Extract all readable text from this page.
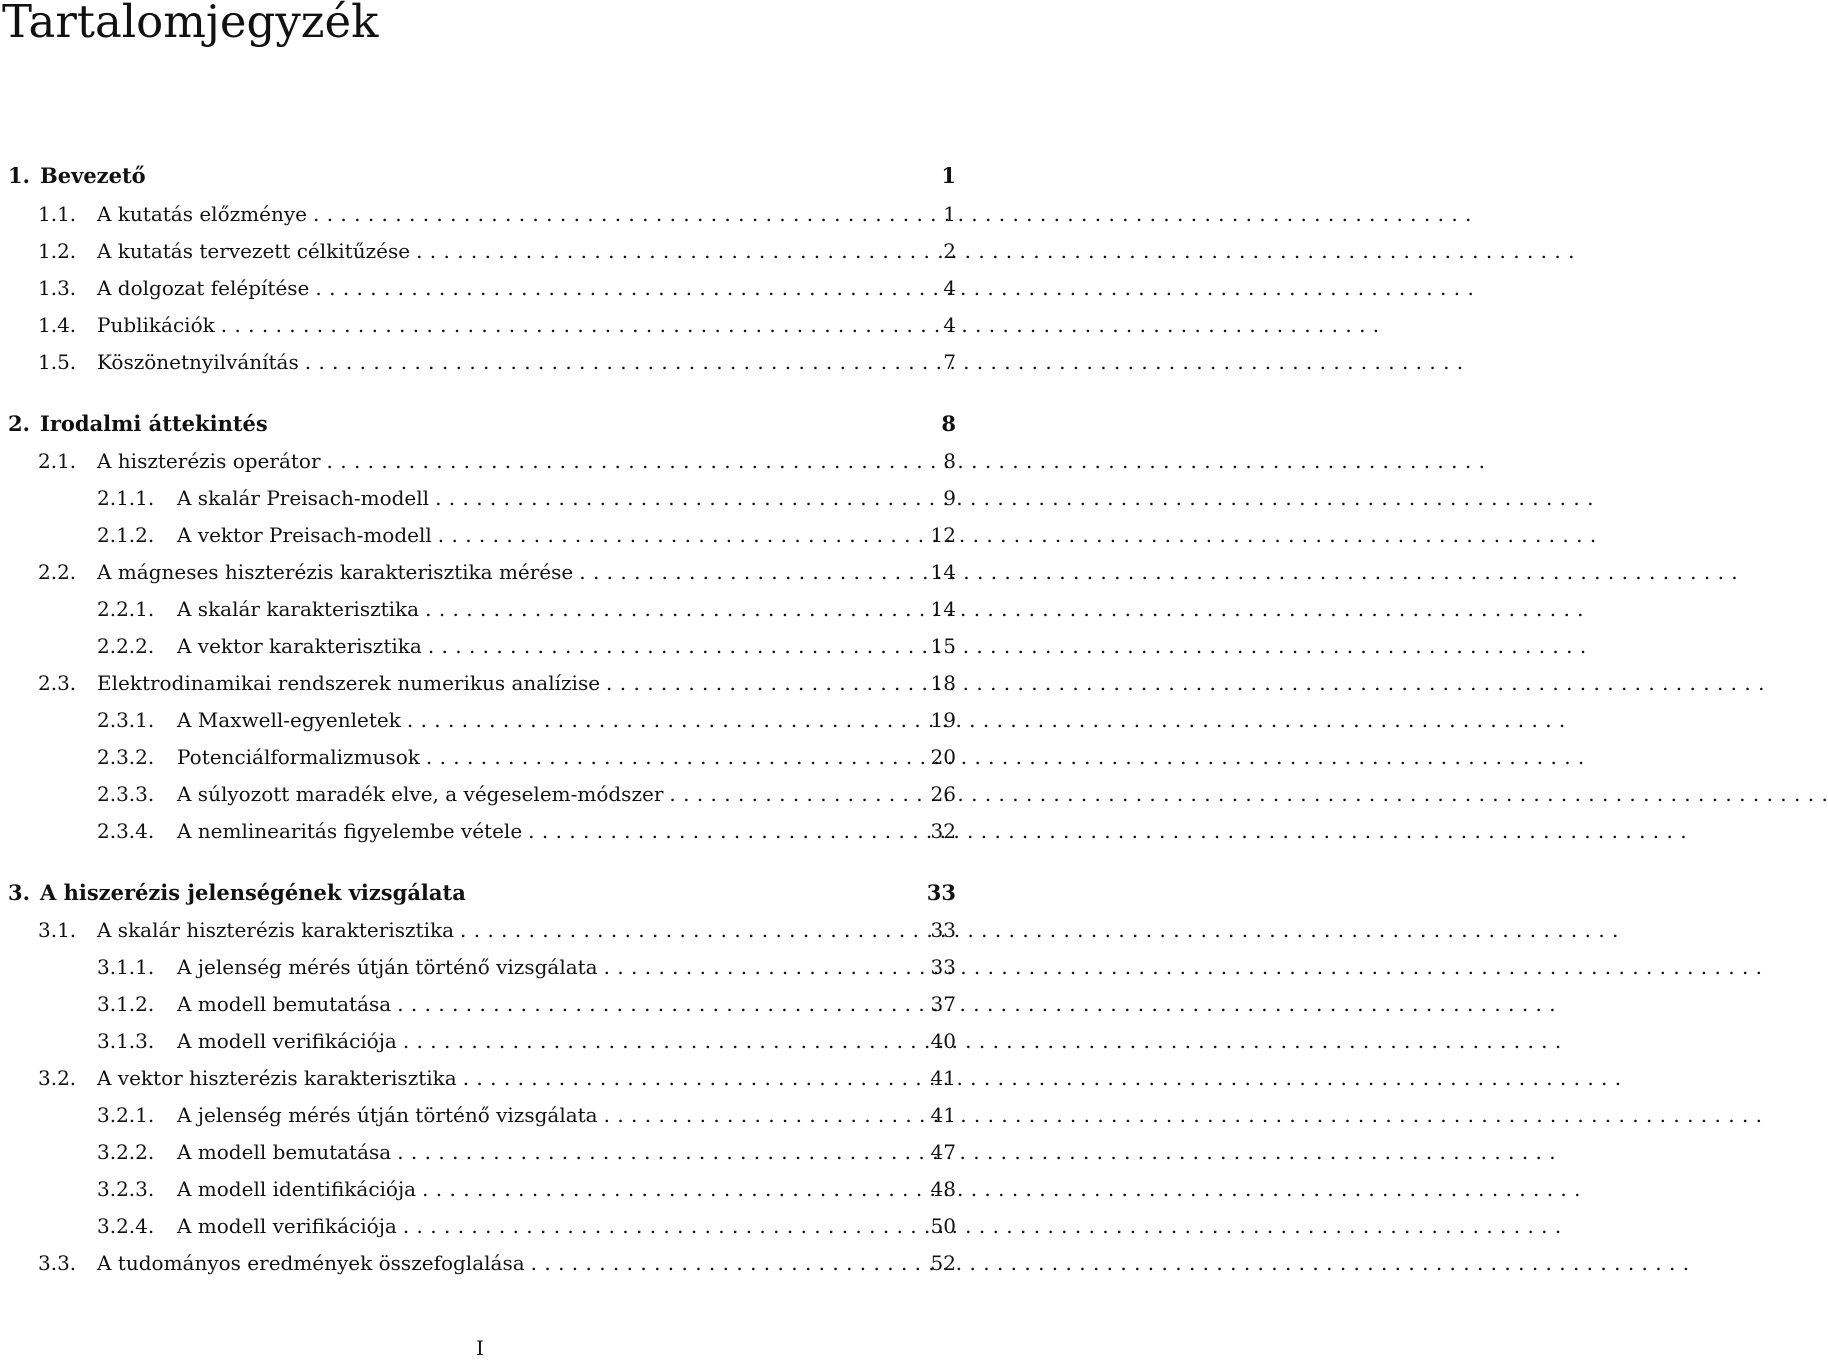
Tartalomjegyzék
1. Bevezető	1
1.1.	A kutatás előzménye . . .	1
1.2.	A kutatás tervezett célkitűzése . . .	2
1.3.	A dolgozat felépítése . . .	4
1.4.	Publikációk . . .	4
1.5.	Köszönetnyilvánítás . . .	7
2. Irodalmi áttekintés	8
2.1.	A hiszterézis operátor . . .	8
2.1.1.	A skalár Preisach-modell . . .	9
2.1.2.	A vektor Preisach-modell . . .	12
2.2.	A mágneses hiszterézis karakterisztika mérése . . .	14
2.2.1.	A skalár karakterisztika . . .	14
2.2.2.	A vektor karakterisztika . . .	15
2.3.	Elektrodinamikai rendszerek numerikus analízise . . .	18
2.3.1.	A Maxwell-egyenletek . . .	19
2.3.2.	Potenciálformalizmusok . . .	20
2.3.3.	A súlyozott maradék elve, a végeselem-módszer . . .	26
2.3.4.	A nemlinearitás figyelembe vétele . . .	32
3. A hiszerézis jelenségének vizsgálata	33
3.1.	A skalár hiszterézis karakterisztika . . .	33
3.1.1.	A jelenség mérés útján történő vizsgálata . . .	33
3.1.2.	A modell bemutatása . . .	37
3.1.3.	A modell verifikációja . . .	40
3.2.	A vektor hiszterézis karakterisztika . . .	41
3.2.1.	A jelenség mérés útján történő vizsgálata . . .	41
3.2.2.	A modell bemutatása . . .	47
3.2.3.	A modell identifikációja . . .	48
3.2.4.	A modell verifikációja . . .	50
3.3.	A tudományos eredmények összefoglalása . . .	52
I
